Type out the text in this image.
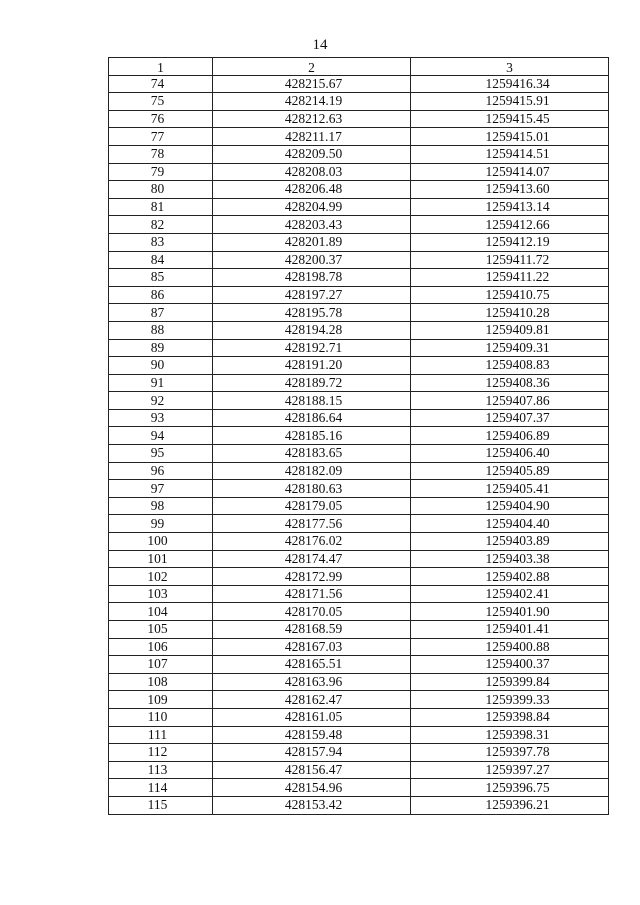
14
1	2	3
74	428215.67	1259416.34
75	428214.19	1259415.91
76	428212.63	1259415.45
77	428211.17	1259415.01
78	428209.50	1259414.51
79	428208.03	1259414.07
80	428206.48	1259413.60
81	428204.99	1259413.14
82	428203.43	1259412.66
83	428201.89	1259412.19
84	428200.37	1259411.72
85	428198.78	1259411.22
86	428197.27	1259410.75
87	428195.78	1259410.28
88	428194.28	1259409.81
89	428192.71	1259409.31
90	428191.20	1259408.83
91	428189.72	1259408.36
92	428188.15	1259407.86
93	428186.64	1259407.37
94	428185.16	1259406.89
95	428183.65	1259406.40
96	428182.09	1259405.89
97	428180.63	1259405.41
98	428179.05	1259404.90
99	428177.56	1259404.40
100	428176.02	1259403.89
101	428174.47	1259403.38
102	428172.99	1259402.88
103	428171.56	1259402.41
104	428170.05	1259401.90
105	428168.59	1259401.41
106	428167.03	1259400.88
107	428165.51	1259400.37
108	428163.96	1259399.84
109	428162.47	1259399.33
110	428161.05	1259398.84
111	428159.48	1259398.31
112	428157.94	1259397.78
113	428156.47	1259397.27
114	428154.96	1259396.75
115	428153.42	1259396.21
